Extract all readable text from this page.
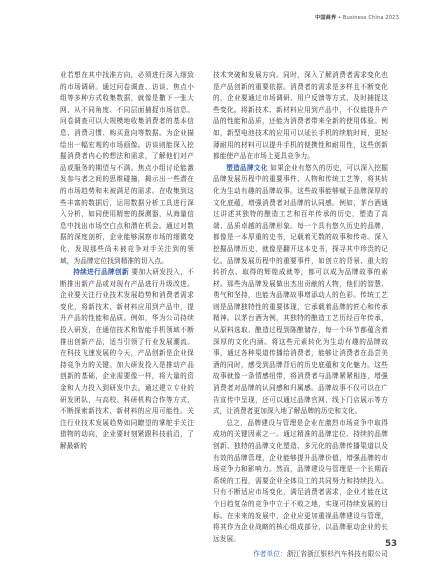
中国商界 • Business China 2023

业若想在其中找准方向，必须进行深入细致的市场调研。通过问卷调查、访谈、焦点小组等多种方式收集数据，就像是撒下一张大网，从不同角度、不同层面捕捉市场信息。问卷调查可以大规模地收集消费者的基本信息、消费习惯、购买意向等数据。为企业描绘出一幅宏观的市场画像。访谈则能深入挖掘消费者内心的想法和需求，了解他们对产品或服务的期望与不满。焦点小组讨论能激发参与者之间的思维碰撞，揭示出一些潜在的市场趋势和未被满足的需求。在收集到这些丰富的数据后，运用数据分析工具进行深入分析，如同使用精密的探测器，从海量信息中找出市场空白点和潜在机会。通过对数据的深度剖析，企业能够洞察市场的细微变化，发现那些尚未被竞争对手关注到的领域，为品牌定位找到精准的切入点。

持续进行品牌创新 要加大研发投入，不断推出新产品或对现有产品进行升级改进。企业要关注行业技术发展趋势和消费者需求变化，将新技术、新材料应用到产品中，提升产品的性能和品质。例如，华为公司持续投入研发，在通信技术和智能手机领域不断推出创新产品，适当引领了行业发展潮流。在科技飞速发展的今天，产品创新是企业保持竞争力的关键。加大研发投入是推动产品创新的基础，企业需要像一样，将大量的资金和人力投入到研发中去。通过建立专业的研发团队，与高校、科研机构合作等方式，不断探索新技术、新材料的应用可能性。关注行业技术发展趋势如同瞭望的掌舵手关注猎物的动向，企业要时刻紧跟科技前沿，了解最新的

技术突破和发展方向。同时，深入了解消费者需求变化也是产品创新的重要依据。消费者的需求是多样且不断变化的，企业要通过市场调研、用户反馈等方式，及时捕捉这些变化。将新技术、新材料应用到产品中，不仅能提升产品的性能和品质，还能为消费者带来全新的使用体验。例如，新型电池技术的应用可以延长手机的续航时间，更轻薄耐用的材料可以提升手机的便携性和耐用性，这些创新都能使产品在市场上更具竞争力。

塑造品牌文化 如果企业有悠久的历史，可以深入挖掘品牌发展历程中的重要事件、人物和传统工艺等，将其转化为生动有趣的品牌故事。这些故事能够赋予品牌深厚的文化底蕴，增强消费者对品牌的认同感。例如，茅台酒通过讲述其独特的酿造工艺和百年传承的历史，塑造了高端、品质卓越的品牌形象。每一个具有悠久历史的品牌，都像是一本厚重的史书，记载着无数的故事和传奇。深入挖掘品牌历史，就像是翻开这本史书，探寻其中珍贵的记忆。品牌发展历程中的重要事件，如创立的背景、重大的转折点、取得的辉煌成就等，都可以成为品牌故事的素材。那些为品牌发展做出杰出贡献的人物，他们的智慧、勇气和坚持，也能为品牌故事增添动人的色彩。传统工艺则是品牌独特性的重要体现，它承载着品牌的匠心和传承精神。以茅台酒为例，其独特的酿造工艺历经百年传承，从原料选取、酿造过程到陈酿储存，每一个环节都蕴含着深厚的文化内涵。将这些元素转化为生动有趣的品牌故事，通过各种渠道传播给消费者，能够让消费者在品尝美酒的同时，感受到品牌背后的历史底蕴和文化魅力。这些故事就像一条情感纽带，将消费者与品牌紧紧相连，增强消费者对品牌的认同感和归属感。品牌故事不仅可以在广告宣传中呈现，还可以通过品牌官网、线下门店展示等方式，让消费者更加深入地了解品牌的历史和文化。

总之，品牌建设与管理是企业在激烈市场竞争中取得成功的关键因素之一。通过精准的品牌定位、持续的品牌创新、独特的品牌文化塑造、多元化的品牌传播渠道以及有效的品牌管理，企业能够提升品牌价值，增强品牌的市场竞争力和影响力。然而，品牌建设与管理是一个长期而系统的工程，需要企业全体员工的共同努力和持续投入。只有不断适应市场变化，满足消费者需求，企业才能在这个日趋复杂的竞争中立于不败之地，实现可持续发展的目标。在未来的发展中，企业应更加重视品牌建设与管理，将其作为企业战略的核心组成部分，以品牌驱动企业的长远发展。

作者单位：浙江省浙江银杉汽车科技有限公司
53
